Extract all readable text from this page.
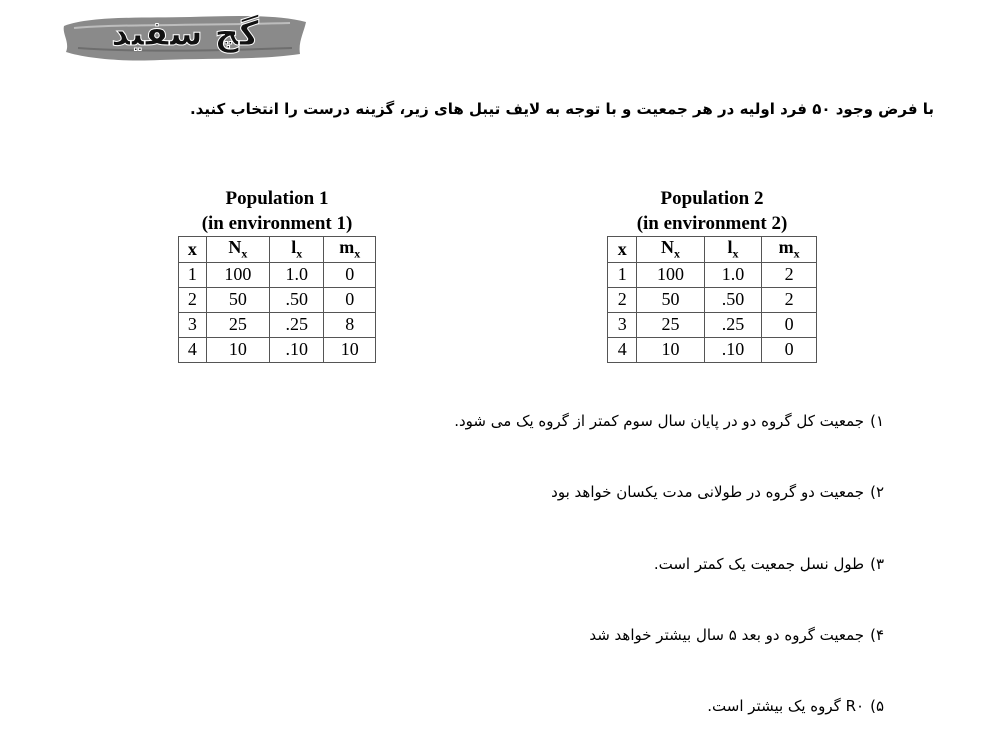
گچ سفید
با فرض وجود ۵۰ فرد اولیه در هر جمعیت و با توجه به لایف تیبل های زیر، گزینه درست را انتخاب کنید.
Population 1
(in environment 1)
x	$N_x$	$l_x$	$m_x$
1	100	1.0	0
2	50	.50	0
3	25	.25	8
4	10	.10	10
Population 2
(in environment 2)
x	$N_x$	$l_x$	$m_x$
1	100	1.0	2
2	50	.50	2
3	25	.25	0
4	10	.10	0
۱)جمعیت کل گروه دو در پایان سال سوم کمتر از گروه یک می شود.
۲)جمعیت دو گروه در طولانی مدت یکسان خواهد بود
۳)طول نسل جمعیت یک کمتر است.
۴)جمعیت گروه دو بعد ۵ سال بیشتر خواهد شد
۵)R۰ گروه یک بیشتر است.
